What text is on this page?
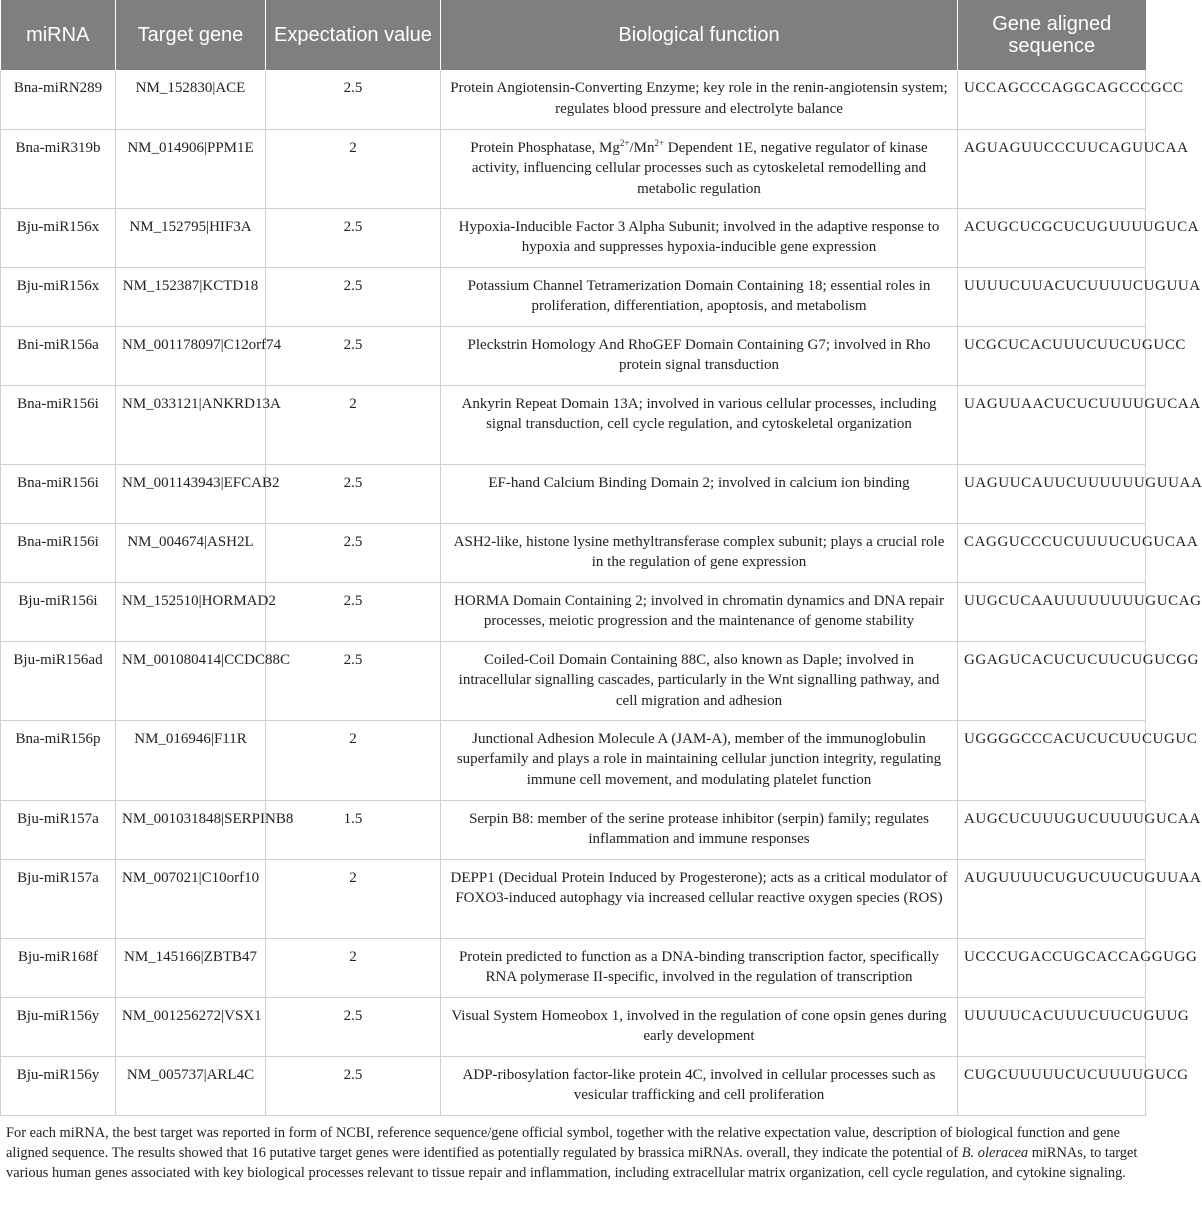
miRNA	Target gene	Expectation value	Biological function	Gene aligned sequence
Bna-miRN289	NM_152830|ACE	2.5	Protein Angiotensin-Converting Enzyme; key role in the renin-angiotensin system; regulates blood pressure and electrolyte balance	UCCAGCCCAGGCAGCCCGCC
Bna-miR319b	NM_014906|PPM1E	2	Protein Phosphatase, $Mg^{2+}/Mn^{2+}$ Dependent 1E, negative regulator of kinase activity, influencing cellular processes such as cytoskeletal remodelling and metabolic regulation	AGUAGUUCCCUUCAGUUCAA
Bju-miR156x	NM_152795|HIF3A	2.5	Hypoxia-Inducible Factor 3 Alpha Subunit; involved in the adaptive response to hypoxia and suppresses hypoxia-inducible gene expression	ACUGCUCGCUCUGUUUUGUCA
Bju-miR156x	NM_152387|KCTD18	2.5	Potassium Channel Tetramerization Domain Containing 18; essential roles in proliferation, differentiation, apoptosis, and metabolism	UUUUCUUACUCUUUUCUGUUA
Bni-miR156a	NM_001178097|C12orf74	2.5	Pleckstrin Homology And RhoGEF Domain Containing G7; involved in Rho protein signal transduction	UCGCUCACUUUCUUCUGUCC
Bna-miR156i	NM_033121|ANKRD13A	2	Ankyrin Repeat Domain 13A; involved in various cellular processes, including signal transduction, cell cycle regulation, and cytoskeletal organization	UAGUUAACUCUCUUUUGUCAA
Bna-miR156i	NM_001143943|EFCAB2	2.5	EF-hand Calcium Binding Domain 2; involved in calcium ion binding	UAGUUCAUUCUUUUUUGUUAA
Bna-miR156i	NM_004674|ASH2L	2.5	ASH2-like, histone lysine methyltransferase complex subunit; plays a crucial role in the regulation of gene expression	CAGGUCCCUCUUUUCUGUCAA
Bju-miR156i	NM_152510|HORMAD2	2.5	HORMA Domain Containing 2; involved in chromatin dynamics and DNA repair processes, meiotic progression and the maintenance of genome stability	UUGCUCAAUUUUUUUUGUCAG
Bju-miR156ad	NM_001080414|CCDC88C	2.5	Coiled-Coil Domain Containing 88C, also known as Daple; involved in intracellular signalling cascades, particularly in the Wnt signalling pathway, and cell migration and adhesion	GGAGUCACUCUCUUCUGUCGG
Bna-miR156p	NM_016946|F11R	2	Junctional Adhesion Molecule A (JAM-A), member of the immunoglobulin superfamily and plays a role in maintaining cellular junction integrity, regulating immune cell movement, and modulating platelet function	UGGGGCCCACUCUCUUCUGUC
Bju-miR157a	NM_001031848|SERPINB8	1.5	Serpin B8: member of the serine protease inhibitor (serpin) family; regulates inflammation and immune responses	AUGCUCUUUGUCUUUUGUCAA
Bju-miR157a	NM_007021|C10orf10	2	DEPP1 (Decidual Protein Induced by Progesterone); acts as a critical modulator of FOXO3-induced autophagy via increased cellular reactive oxygen species (ROS)	AUGUUUUCUGUCUUCUGUUAA
Bju-miR168f	NM_145166|ZBTB47	2	Protein predicted to function as a DNA-binding transcription factor, specifically RNA polymerase II-specific, involved in the regulation of transcription	UCCCUGACCUGCACCAGGUGG
Bju-miR156y	NM_001256272|VSX1	2.5	Visual System Homeobox 1, involved in the regulation of cone opsin genes during early development	UUUUUCACUUUCUUCUGUUG
Bju-miR156y	NM_005737|ARL4C	2.5	ADP-ribosylation factor-like protein 4C, involved in cellular processes such as vesicular trafficking and cell proliferation	CUGCUUUUUCUCUUUUGUCG

For each miRNA, the best target was reported in form of NCBI, reference sequence/gene official symbol, together with the relative expectation value, description of biological function and gene aligned sequence. The results showed that 16 putative target genes were identified as potentially regulated by brassica miRNAs. overall, they indicate the potential of B. oleracea miRNAs, to target various human genes associated with key biological processes relevant to tissue repair and inflammation, including extracellular matrix organization, cell cycle regulation, and cytokine signaling.
